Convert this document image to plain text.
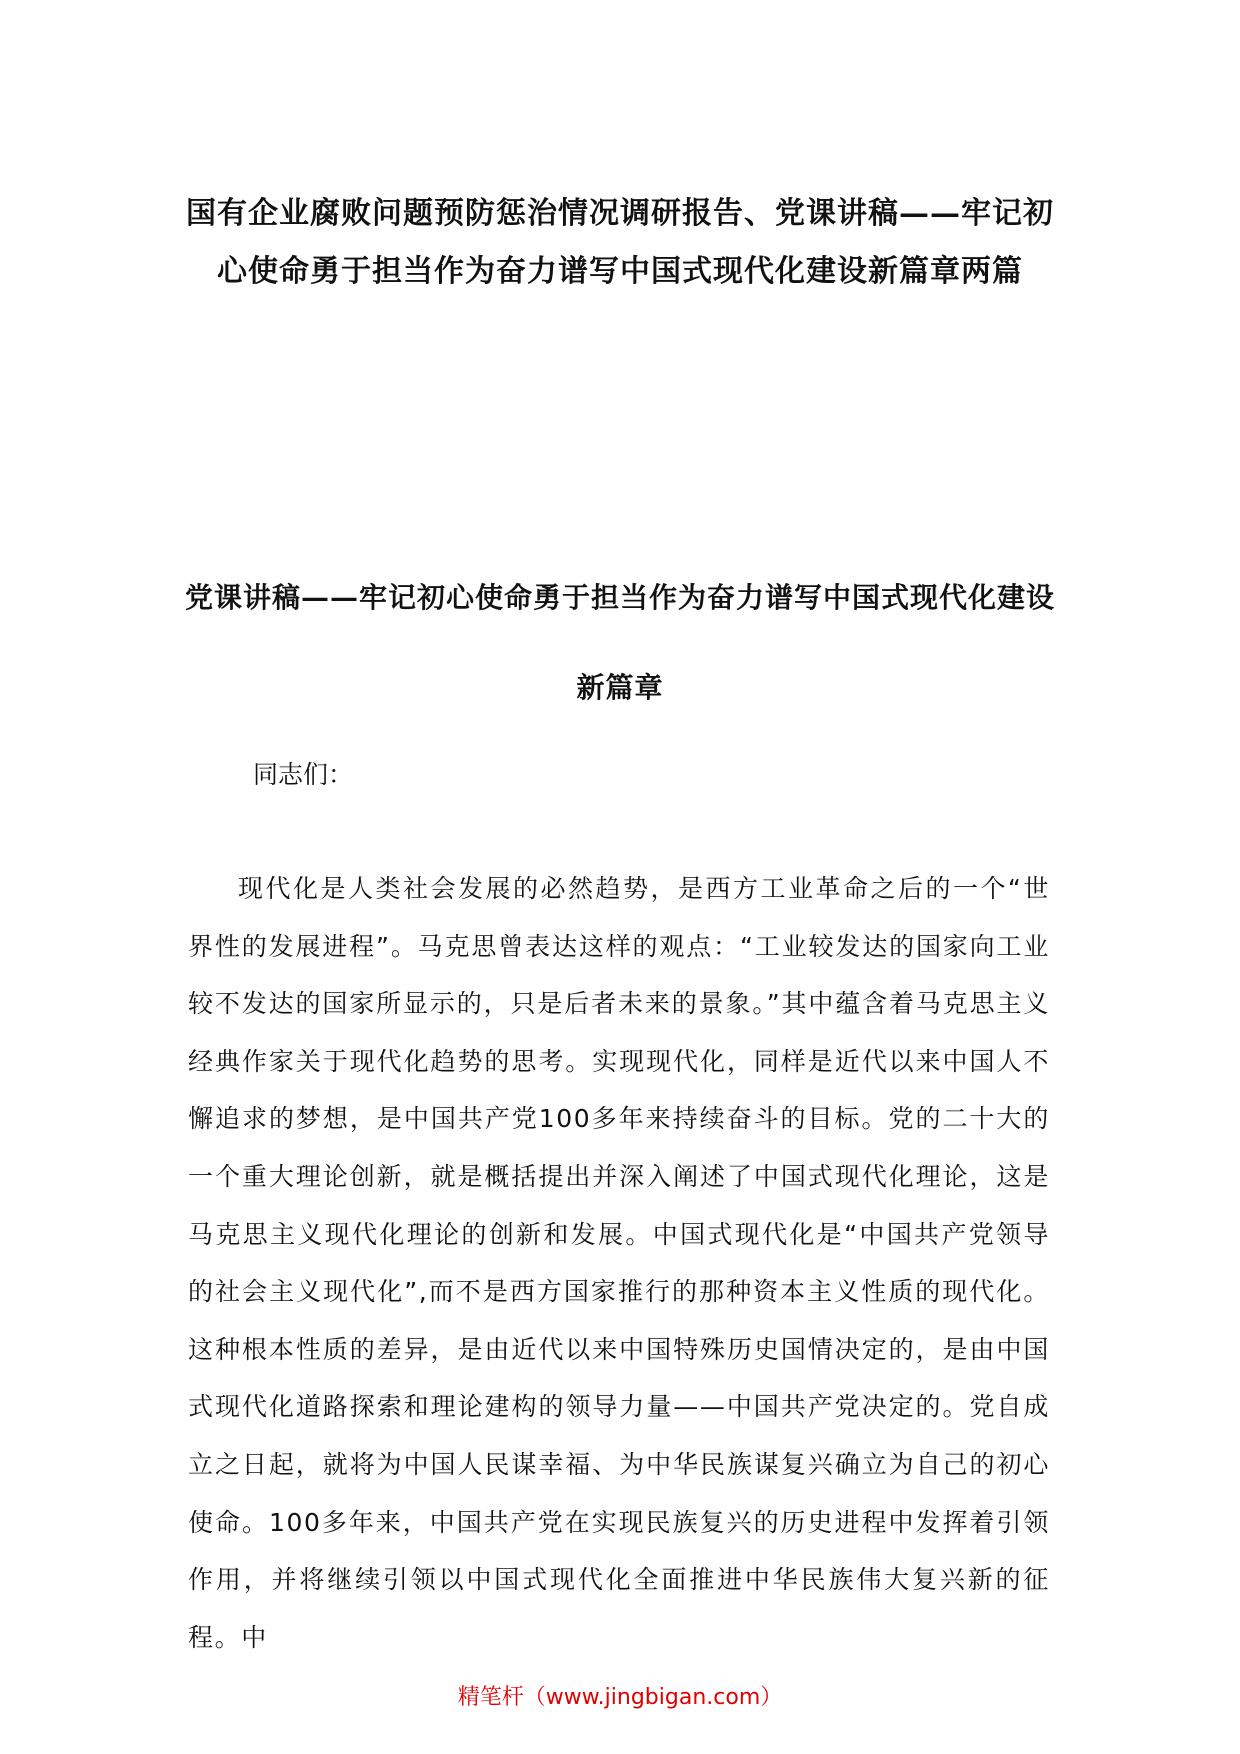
国有企业腐败问题预防惩治情况调研报告、党课讲稿——牢记初心使命勇于担当作为奋力谱写中国式现代化建设新篇章两篇
党课讲稿——牢记初心使命勇于担当作为奋力谱写中国式现代化建设新篇章

同志们：

现代化是人类社会发展的必然趋势，是西方工业革命之后的一个“世界性的发展进程”。马克思曾表达这样的观点：“工业较发达的国家向工业较不发达的国家所显示的，只是后者未来的景象。”其中蕴含着马克思主义经典作家关于现代化趋势的思考。实现现代化，同样是近代以来中国人不懈追求的梦想，是中国共产党100多年来持续奋斗的目标。党的二十大的一个重大理论创新，就是概括提出并深入阐述了中国式现代化理论，这是马克思主义现代化理论的创新和发展。中国式现代化是“中国共产党领导的社会主义现代化”,而不是西方国家推行的那种资本主义性质的现代化。这种根本性质的差异，是由近代以来中国特殊历史国情决定的，是由中国式现代化道路探索和理论建构的领导力量——中国共产党决定的。党自成立之日起，就将为中国人民谋幸福、为中华民族谋复兴确立为自己的初心使命。100多年来，中国共产党在实现民族复兴的历史进程中发挥着引领作用，并将继续引领以中国式现代化全面推进中华民族伟大复兴新的征程。中

精笔杆（www.jingbigan.com）
